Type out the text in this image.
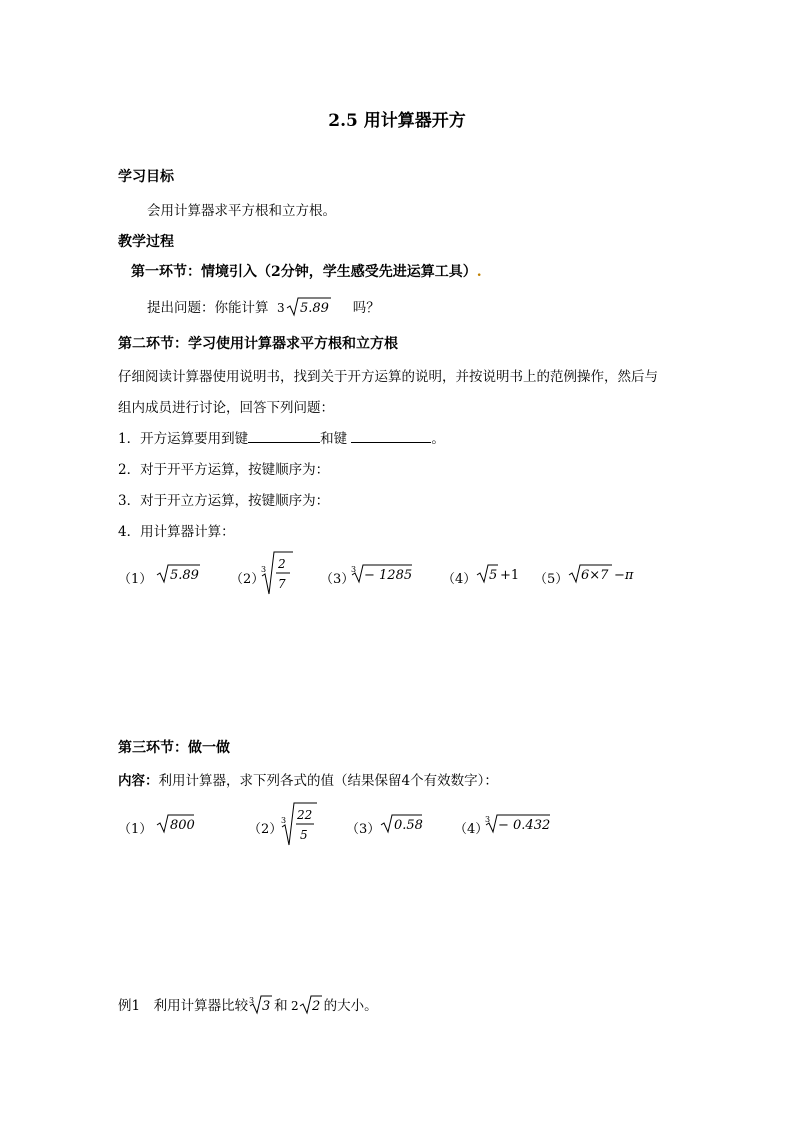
2.5 用计算器开方
学习目标
会用计算器求平方根和立方根。
教学过程
第一环节：情境引入（2分钟，学生感受先进运算工具）.
提出问题：你能计算 3 5.89 吗？
第二环节：学习使用计算器求平方根和立方根
仔细阅读计算器使用说明书，找到关于开方运算的说明，并按说明书上的范例操作，然后与
组内成员进行讨论，回答下列问题：
1．开方运算要用到键	和键	。
2．对于开平方运算，按键顺序为：
3．对于开立方运算，按键顺序为：
4．用计算器计算：
（1） 5.89 （2）
3 2
7	（3）
3 − 1285 （4） 5 +1 （5） 6×7 −π
第三环节：做一做
内容：利用计算器，求下列各式的值（结果保留4个有效数字）：
（1） 800	（2）
3 22
5	（3） 0.58 （4）
3 − 0.432
例1　利用计算器比较 3 3 和 2 2 的大小。
